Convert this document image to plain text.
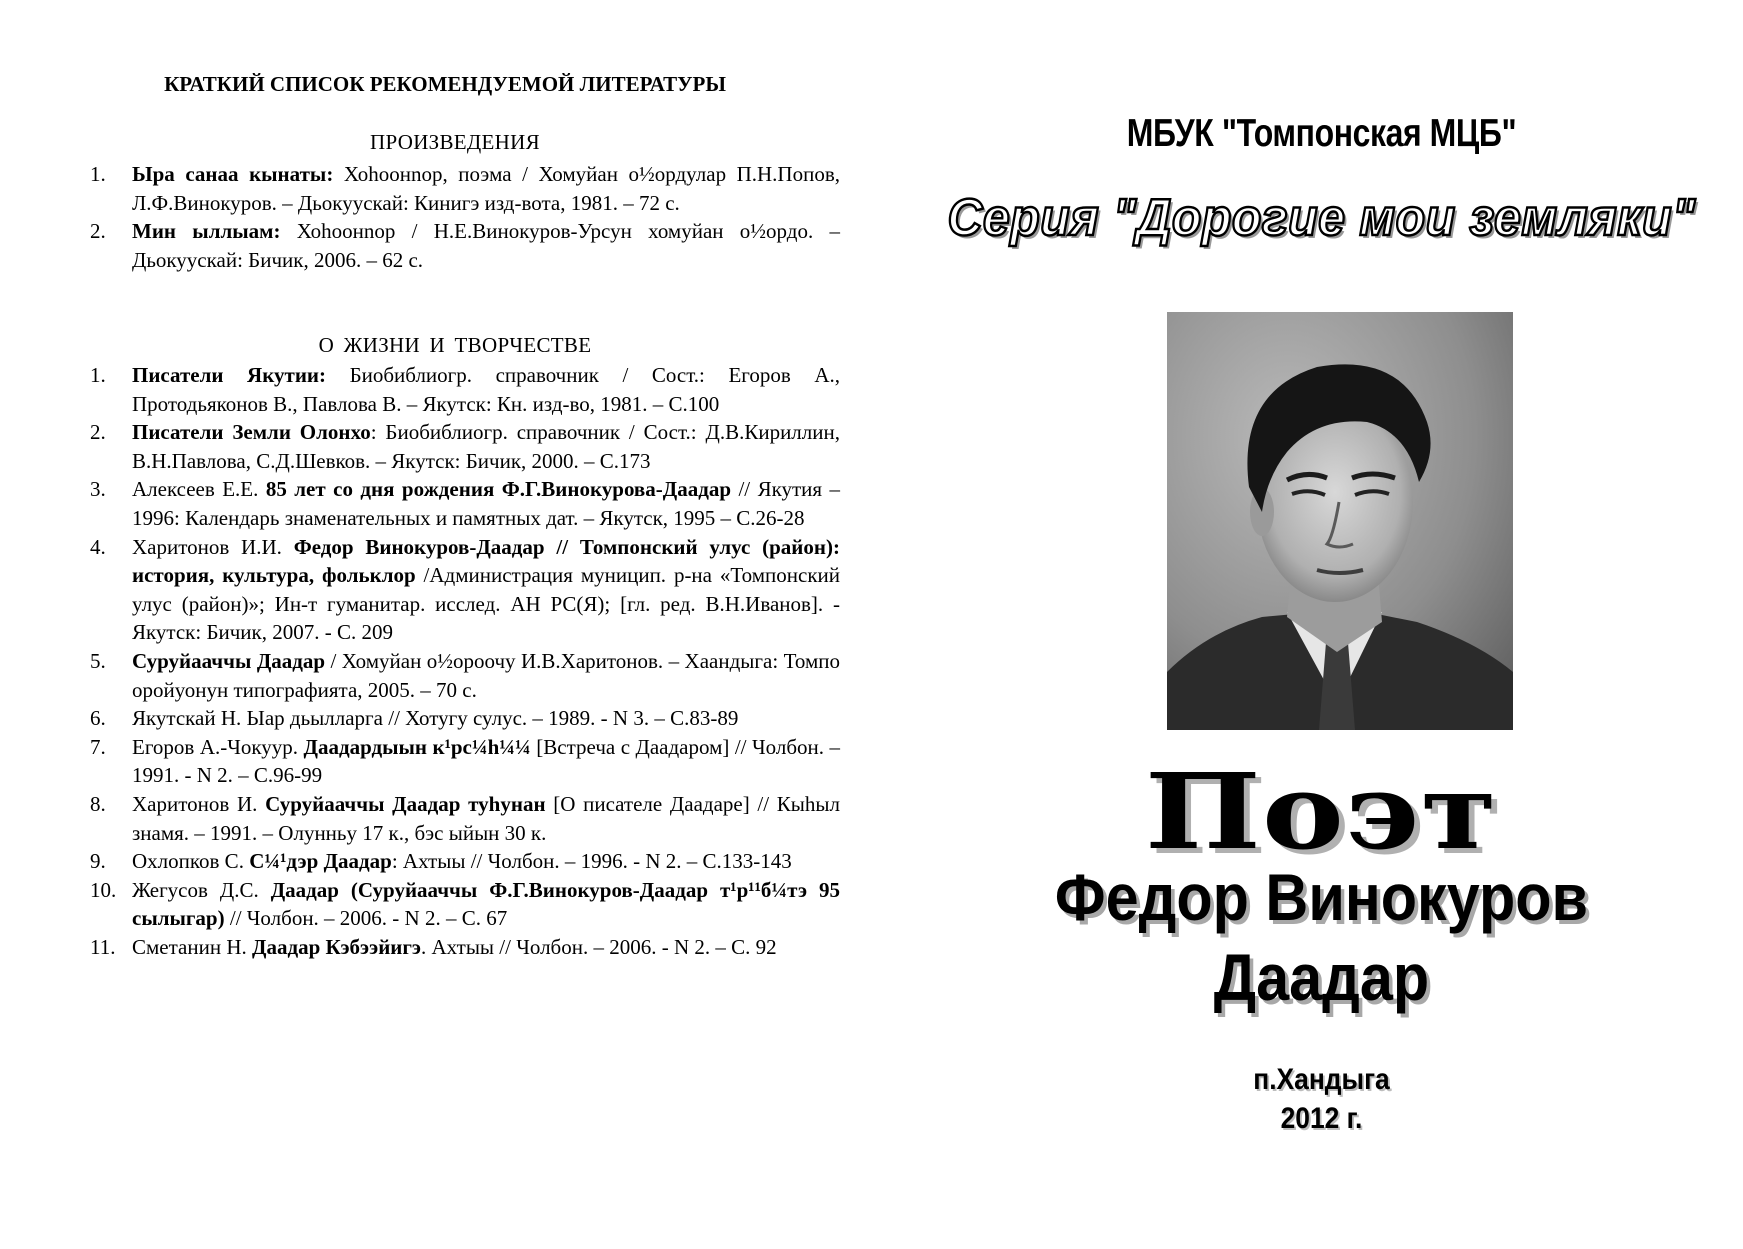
КРАТКИЙ СПИСОК РЕКОМЕНДУЕМОЙ ЛИТЕРАТУРЫ
ПРОИЗВЕДЕНИЯ
1.	Ыра санаа кынаты: Хоhоонnор, поэма / Хомуйан о½ордулар П.Н.Попов, Л.Ф.Винокуров. – Дьокуускай: Кинигэ изд-вота, 1981. – 72 с.
2.	Мин ыллыам: Хоhоонnор / Н.Е.Винокуров-Урсун хомуйан о½ордо. – Дьокуускай: Бичик, 2006. – 62 с.
О ЖИЗНИ И ТВОРЧЕСТВЕ
1.	Писатели Якутии: Биобиблиогр. справочник / Сост.: Егоров А., Протодьяконов В., Павлова В. – Якутск: Кн. изд-во, 1981. – С.100
2.	Писатели Земли Олонхо: Биобиблиогр. справочник / Сост.: Д.В.Кириллин, В.Н.Павлова, С.Д.Шевков. – Якутск: Бичик, 2000. – С.173
3.	Алексеев Е.Е. 85 лет со дня рождения Ф.Г.Винокурова-Даадар // Якутия – 1996: Календарь знаменательных и памятных дат. – Якутск, 1995 – С.26-28
4.	Харитонов И.И. Федор Винокуров-Даадар // Томпонский улус (район): история, культура, фольклор /Администрация муницип. р-на «Томпонский улус (район)»; Ин-т гуманитар. исслед. АН РС(Я); [гл. ред. В.Н.Иванов]. - Якутск: Бичик, 2007. - С. 209
5.	Суруйааччы Даадар / Хомуйан о½ороочу И.В.Харитонов. – Хаандыга: Томпо оройуонун типографията, 2005. – 70 с.
6.	Якутскай Н. Ыар дьылларга // Хотугу сулус. – 1989. - N 3. – С.83-89
7.	Егоров А.-Чокуур. Даадардыын к¹рс¼h¼¼ [Встреча с Даадаром] // Чолбон. – 1991. - N 2. – С.96-99
8.	Харитонов И. Суруйааччы Даадар туhунан [О писателе Даадаре] // Кыhыл знамя. – 1991. – Олунньу 17 к., бэс ыйын 30 к.
9.	Охлопков С. С¼¹дэр Даадар: Ахтыы // Чолбон. – 1996. - N 2. – С.133-143
10. Жегусов Д.С. Даадар (Суруйааччы Ф.Г.Винокуров-Даадар т¹р¹¹б¼тэ 95 сылыгар) // Чолбон. – 2006. - N 2. – С. 67
11. Сметанин Н. Даадар Кэбээйигэ. Ахтыы // Чолбон. – 2006. - N 2. – С. 92
МБУК "Томпонская МЦБ"
Серия "Дорогие мои земляки"
Поэт
Федор Винокуров
Даадар
п.Хандыга
2012 г.
